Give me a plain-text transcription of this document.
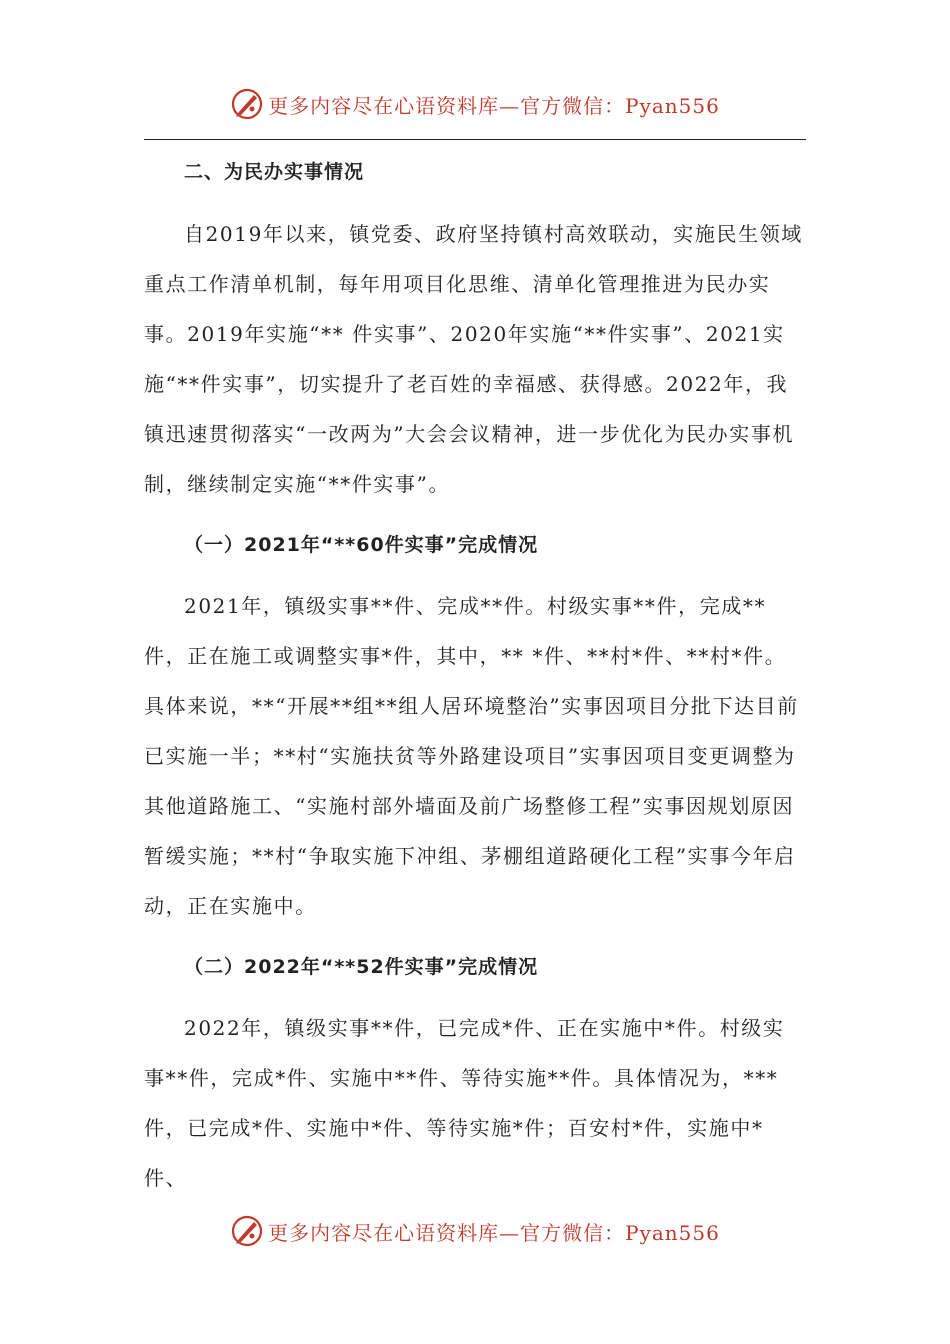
更多内容尽在心语资料库—官方微信：Pyan556

二、为民办实事情况

自2019年以来，镇党委、政府坚持镇村高效联动，实施民生领域重点工作清单机制，每年用项目化思维、清单化管理推进为民办实事。2019年实施“** 件实事”、2020年实施“**件实事”、2021实施“**件实事”，切实提升了老百姓的幸福感、获得感。2022年，我镇迅速贯彻落实“一改两为”大会会议精神，进一步优化为民办实事机制，继续制定实施“**件实事”。

（一）2021年“**60件实事”完成情况

2021年，镇级实事**件、完成**件。村级实事**件，完成**件，正在施工或调整实事*件，其中，** *件、**村*件、**村*件。具体来说，**“开展**组**组人居环境整治”实事因项目分批下达目前已实施一半；**村“实施扶贫等外路建设项目”实事因项目变更调整为其他道路施工、“实施村部外墙面及前广场整修工程”实事因规划原因暂缓实施；**村“争取实施下冲组、茅棚组道路硬化工程”实事今年启动，正在实施中。

（二）2022年“**52件实事”完成情况

2022年，镇级实事**件，已完成*件、正在实施中*件。村级实事**件，完成*件、实施中**件、等待实施**件。具体情况为，***件，已完成*件、实施中*件、等待实施*件；百安村*件，实施中*件、

更多内容尽在心语资料库—官方微信：Pyan556
